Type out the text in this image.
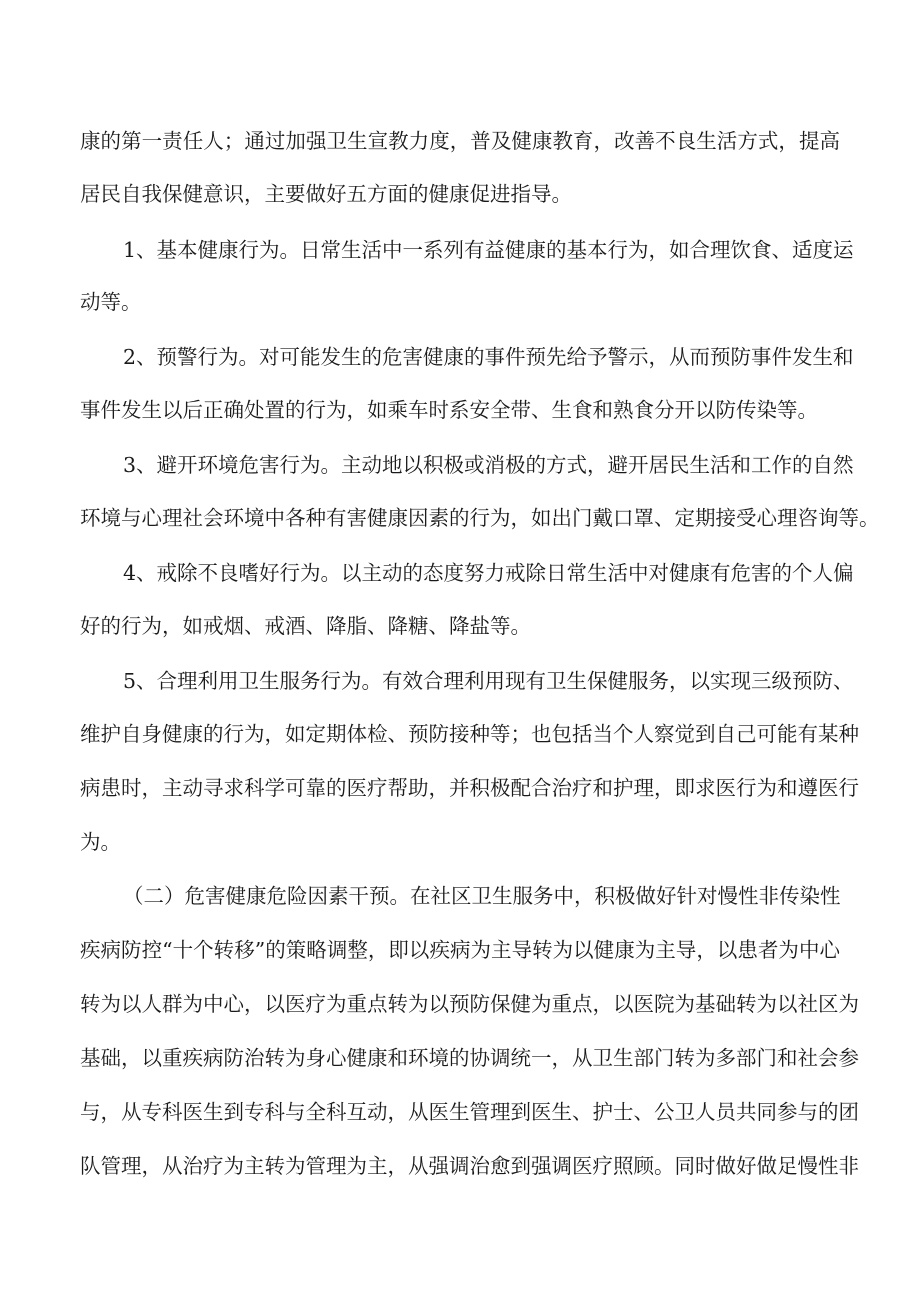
康的第一责任人；通过加强卫生宣教力度，普及健康教育，改善不良生活方式，提高
居民自我保健意识，主要做好五方面的健康促进指导。
1、基本健康行为。日常生活中一系列有益健康的基本行为，如合理饮食、适度运
动等。
2、预警行为。对可能发生的危害健康的事件预先给予警示，从而预防事件发生和
事件发生以后正确处置的行为，如乘车时系安全带、生食和熟食分开以防传染等。
3、避开环境危害行为。主动地以积极或消极的方式，避开居民生活和工作的自然
环境与心理社会环境中各种有害健康因素的行为，如出门戴口罩、定期接受心理咨询等。
4、戒除不良嗜好行为。以主动的态度努力戒除日常生活中对健康有危害的个人偏
好的行为，如戒烟、戒酒、降脂、降糖、降盐等。
5、合理利用卫生服务行为。有效合理利用现有卫生保健服务，以实现三级预防、
维护自身健康的行为，如定期体检、预防接种等；也包括当个人察觉到自己可能有某种
病患时，主动寻求科学可靠的医疗帮助，并积极配合治疗和护理，即求医行为和遵医行
为。
（二）危害健康危险因素干预。在社区卫生服务中，积极做好针对慢性非传染性
疾病防控“十个转移”的策略调整，即以疾病为主导转为以健康为主导，以患者为中心
转为以人群为中心，以医疗为重点转为以预防保健为重点，以医院为基础转为以社区为
基础，以重疾病防治转为身心健康和环境的协调统一，从卫生部门转为多部门和社会参
与，从专科医生到专科与全科互动，从医生管理到医生、护士、公卫人员共同参与的团
队管理，从治疗为主转为管理为主，从强调治愈到强调医疗照顾。同时做好做足慢性非
